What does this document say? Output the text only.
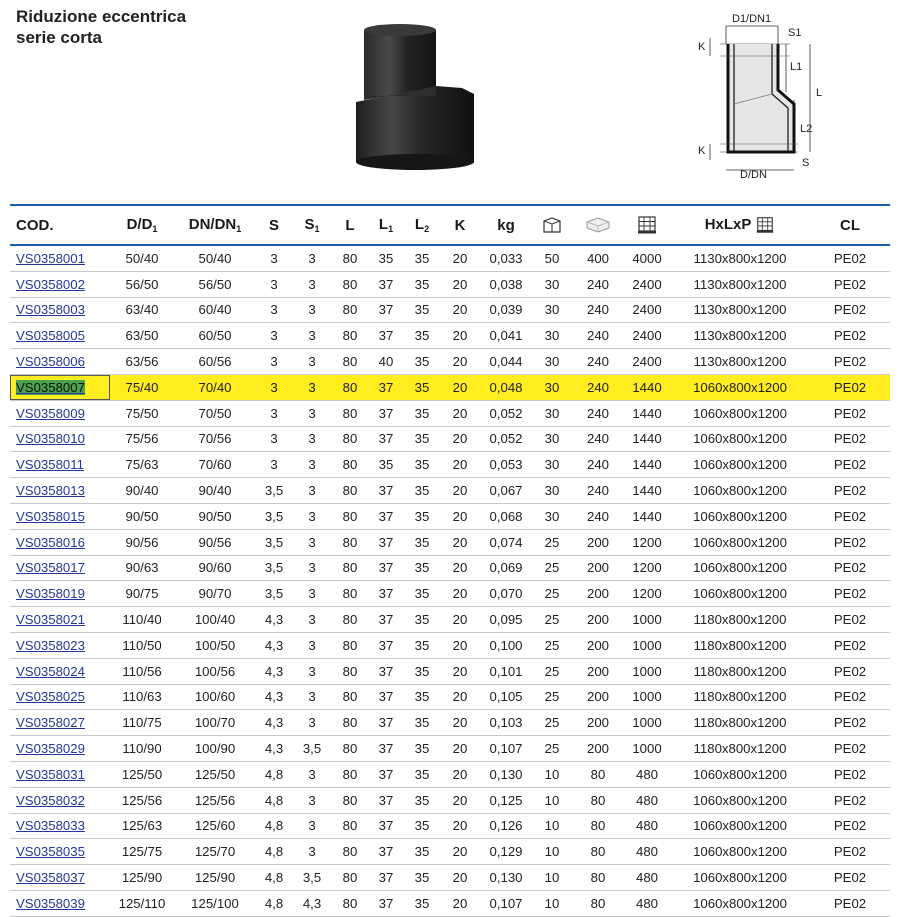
Riduzione eccentrica
serie corta
D1/DN1
S1
K
K
L
L1
L2
S
D/DN
COD.	$D/D_1$	$DN/DN_1$	S	$S_1$	L	$L_1$	$L_2$	K	kg				HxLxP	CL
VS0358001	50/40	50/40	3	3	80	35	35	20	0,033	50	400	4000	1130x800x1200	PE02
VS0358002	56/50	56/50	3	3	80	37	35	20	0,038	30	240	2400	1130x800x1200	PE02
VS0358003	63/40	60/40	3	3	80	37	35	20	0,039	30	240	2400	1130x800x1200	PE02
VS0358005	63/50	60/50	3	3	80	37	35	20	0,041	30	240	2400	1130x800x1200	PE02
VS0358006	63/56	60/56	3	3	80	40	35	20	0,044	30	240	2400	1130x800x1200	PE02
VS0358007	75/40	70/40	3	3	80	37	35	20	0,048	30	240	1440	1060x800x1200	PE02
VS0358009	75/50	70/50	3	3	80	37	35	20	0,052	30	240	1440	1060x800x1200	PE02
VS0358010	75/56	70/56	3	3	80	37	35	20	0,052	30	240	1440	1060x800x1200	PE02
VS0358011	75/63	70/60	3	3	80	35	35	20	0,053	30	240	1440	1060x800x1200	PE02
VS0358013	90/40	90/40	3,5	3	80	37	35	20	0,067	30	240	1440	1060x800x1200	PE02
VS0358015	90/50	90/50	3,5	3	80	37	35	20	0,068	30	240	1440	1060x800x1200	PE02
VS0358016	90/56	90/56	3,5	3	80	37	35	20	0,074	25	200	1200	1060x800x1200	PE02
VS0358017	90/63	90/60	3,5	3	80	37	35	20	0,069	25	200	1200	1060x800x1200	PE02
VS0358019	90/75	90/70	3,5	3	80	37	35	20	0,070	25	200	1200	1060x800x1200	PE02
VS0358021	110/40	100/40	4,3	3	80	37	35	20	0,095	25	200	1000	1180x800x1200	PE02
VS0358023	110/50	100/50	4,3	3	80	37	35	20	0,100	25	200	1000	1180x800x1200	PE02
VS0358024	110/56	100/56	4,3	3	80	37	35	20	0,101	25	200	1000	1180x800x1200	PE02
VS0358025	110/63	100/60	4,3	3	80	37	35	20	0,105	25	200	1000	1180x800x1200	PE02
VS0358027	110/75	100/70	4,3	3	80	37	35	20	0,103	25	200	1000	1180x800x1200	PE02
VS0358029	110/90	100/90	4,3	3,5	80	37	35	20	0,107	25	200	1000	1180x800x1200	PE02
VS0358031	125/50	125/50	4,8	3	80	37	35	20	0,130	10	80	480	1060x800x1200	PE02
VS0358032	125/56	125/56	4,8	3	80	37	35	20	0,125	10	80	480	1060x800x1200	PE02
VS0358033	125/63	125/60	4,8	3	80	37	35	20	0,126	10	80	480	1060x800x1200	PE02
VS0358035	125/75	125/70	4,8	3	80	37	35	20	0,129	10	80	480	1060x800x1200	PE02
VS0358037	125/90	125/90	4,8	3,5	80	37	35	20	0,130	10	80	480	1060x800x1200	PE02
VS0358039	125/110	125/100	4,8	4,3	80	37	35	20	0,107	10	80	480	1060x800x1200	PE02
